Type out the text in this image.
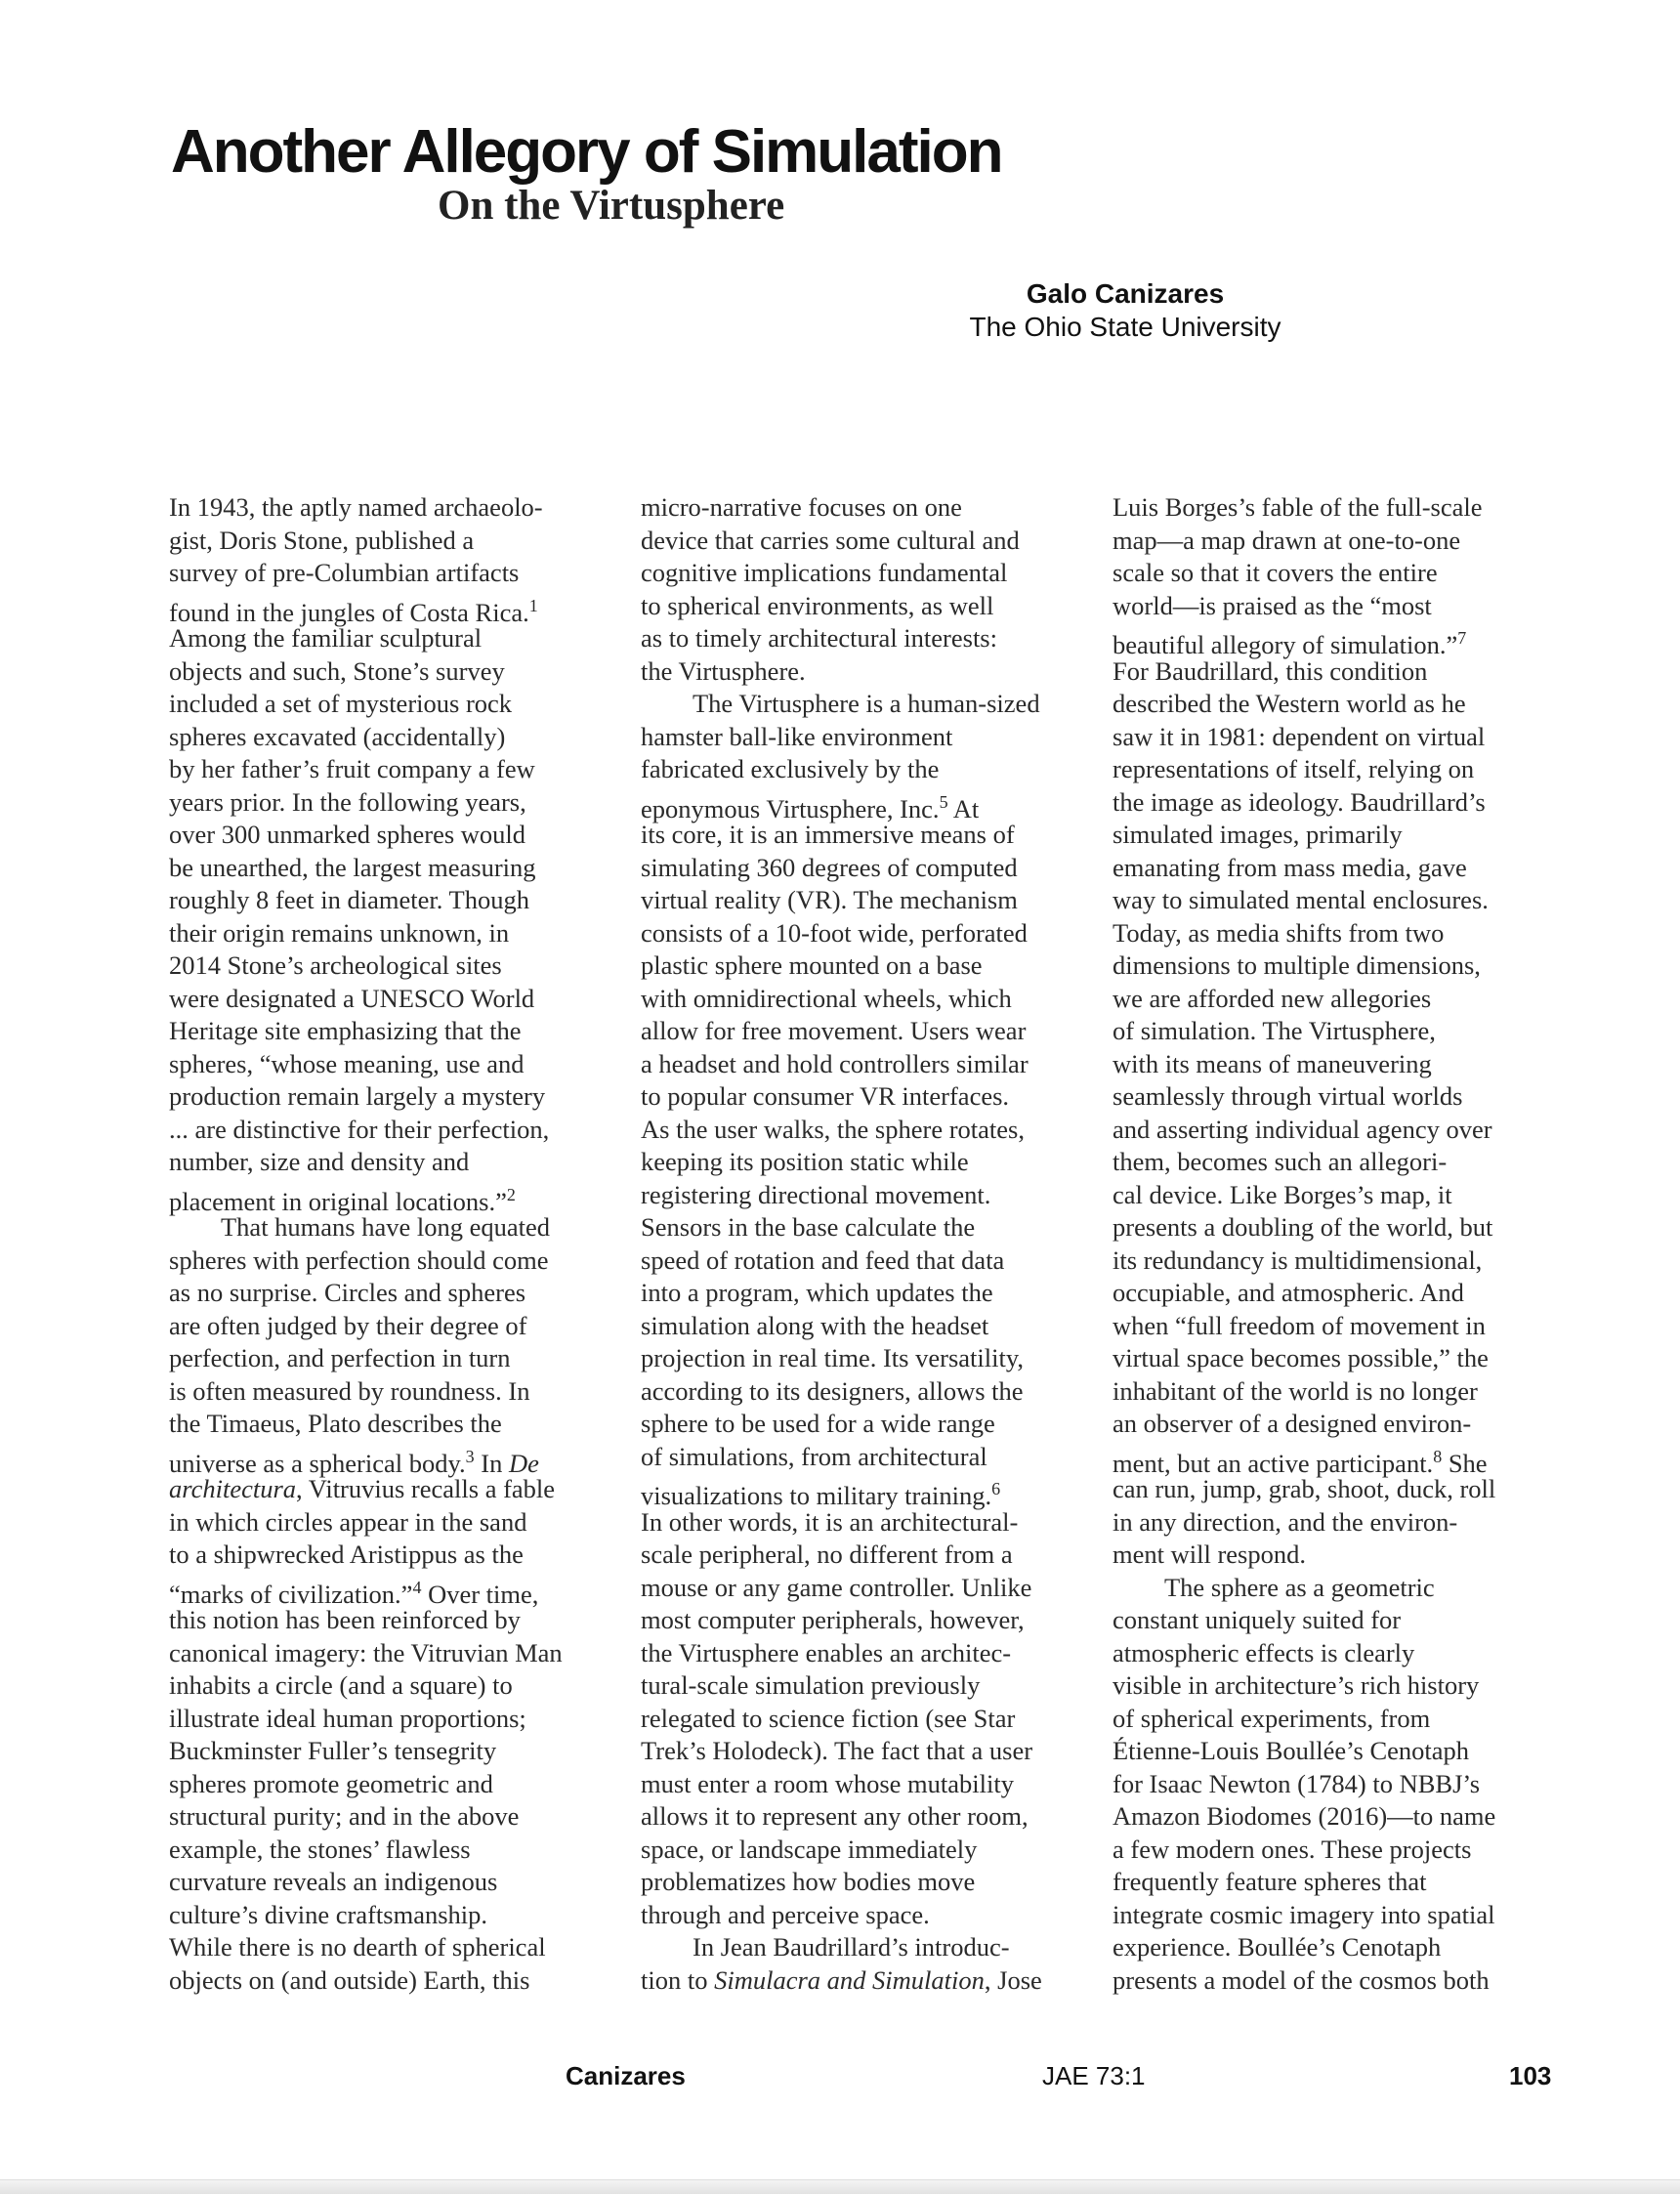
Another Allegory of Simulation
On the Virtusphere
Galo Canizares
The Ohio State University
In 1943, the aptly named archaeolo-
gist, Doris Stone, published a
survey of pre-Columbian artifacts
found in the jungles of Costa Rica.$^1$
Among the familiar sculptural
objects and such, Stone’s survey
included a set of mysterious rock
spheres excavated (accidentally)
by her father’s fruit company a few
years prior. In the following years,
over 300 unmarked spheres would
be unearthed, the largest measuring
roughly 8 feet in diameter. Though
their origin remains unknown, in
2014 Stone’s archeological sites
were designated a UNESCO World
Heritage site emphasizing that the
spheres, “whose meaning, use and
production remain largely a mystery
... are distinctive for their perfection,
number, size and density and
placement in original locations.”$^2$
That humans have long equated
spheres with perfection should come
as no surprise. Circles and spheres
are often judged by their degree of
perfection, and perfection in turn
is often measured by roundness. In
the Timaeus, Plato describes the
universe as a spherical body.$^3$ In De
architectura, Vitruvius recalls a fable
in which circles appear in the sand
to a shipwrecked Aristippus as the
“marks of civilization.”$^4$ Over time,
this notion has been reinforced by
canonical imagery: the Vitruvian Man
inhabits a circle (and a square) to
illustrate ideal human proportions;
Buckminster Fuller’s tensegrity
spheres promote geometric and
structural purity; and in the above
example, the stones’ flawless
curvature reveals an indigenous
culture’s divine craftsmanship.
While there is no dearth of spherical
objects on (and outside) Earth, this
micro-narrative focuses on one
device that carries some cultural and
cognitive implications fundamental
to spherical environments, as well
as to timely architectural interests:
the Virtusphere.
The Virtusphere is a human-sized
hamster ball-like environment
fabricated exclusively by the
eponymous Virtusphere, Inc.$^5$ At
its core, it is an immersive means of
simulating 360 degrees of computed
virtual reality (VR). The mechanism
consists of a 10-foot wide, perforated
plastic sphere mounted on a base
with omnidirectional wheels, which
allow for free movement. Users wear
a headset and hold controllers similar
to popular consumer VR interfaces.
As the user walks, the sphere rotates,
keeping its position static while
registering directional movement.
Sensors in the base calculate the
speed of rotation and feed that data
into a program, which updates the
simulation along with the headset
projection in real time. Its versatility,
according to its designers, allows the
sphere to be used for a wide range
of simulations, from architectural
visualizations to military training.$^6$
In other words, it is an architectural-
scale peripheral, no different from a
mouse or any game controller. Unlike
most computer peripherals, however,
the Virtusphere enables an architec-
tural-scale simulation previously
relegated to science fiction (see Star
Trek’s Holodeck). The fact that a user
must enter a room whose mutability
allows it to represent any other room,
space, or landscape immediately
problematizes how bodies move
through and perceive space.
In Jean Baudrillard’s introduc-
tion to Simulacra and Simulation, Jose
Luis Borges’s fable of the full-scale
map—a map drawn at one-to-one
scale so that it covers the entire
world—is praised as the “most
beautiful allegory of simulation.”$^7$
For Baudrillard, this condition
described the Western world as he
saw it in 1981: dependent on virtual
representations of itself, relying on
the image as ideology. Baudrillard’s
simulated images, primarily
emanating from mass media, gave
way to simulated mental enclosures.
Today, as media shifts from two
dimensions to multiple dimensions,
we are afforded new allegories
of simulation. The Virtusphere,
with its means of maneuvering
seamlessly through virtual worlds
and asserting individual agency over
them, becomes such an allegori-
cal device. Like Borges’s map, it
presents a doubling of the world, but
its redundancy is multidimensional,
occupiable, and atmospheric. And
when “full freedom of movement in
virtual space becomes possible,” the
inhabitant of the world is no longer
an observer of a designed environ-
ment, but an active participant.$^8$ She
can run, jump, grab, shoot, duck, roll
in any direction, and the environ-
ment will respond.
The sphere as a geometric
constant uniquely suited for
atmospheric effects is clearly
visible in architecture’s rich history
of spherical experiments, from
Étienne-Louis Boullée’s Cenotaph
for Isaac Newton (1784) to NBBJ’s
Amazon Biodomes (2016)—to name
a few modern ones. These projects
frequently feature spheres that
integrate cosmic imagery into spatial
experience. Boullée’s Cenotaph
presents a model of the cosmos both
Canizares	JAE 73:1	103
